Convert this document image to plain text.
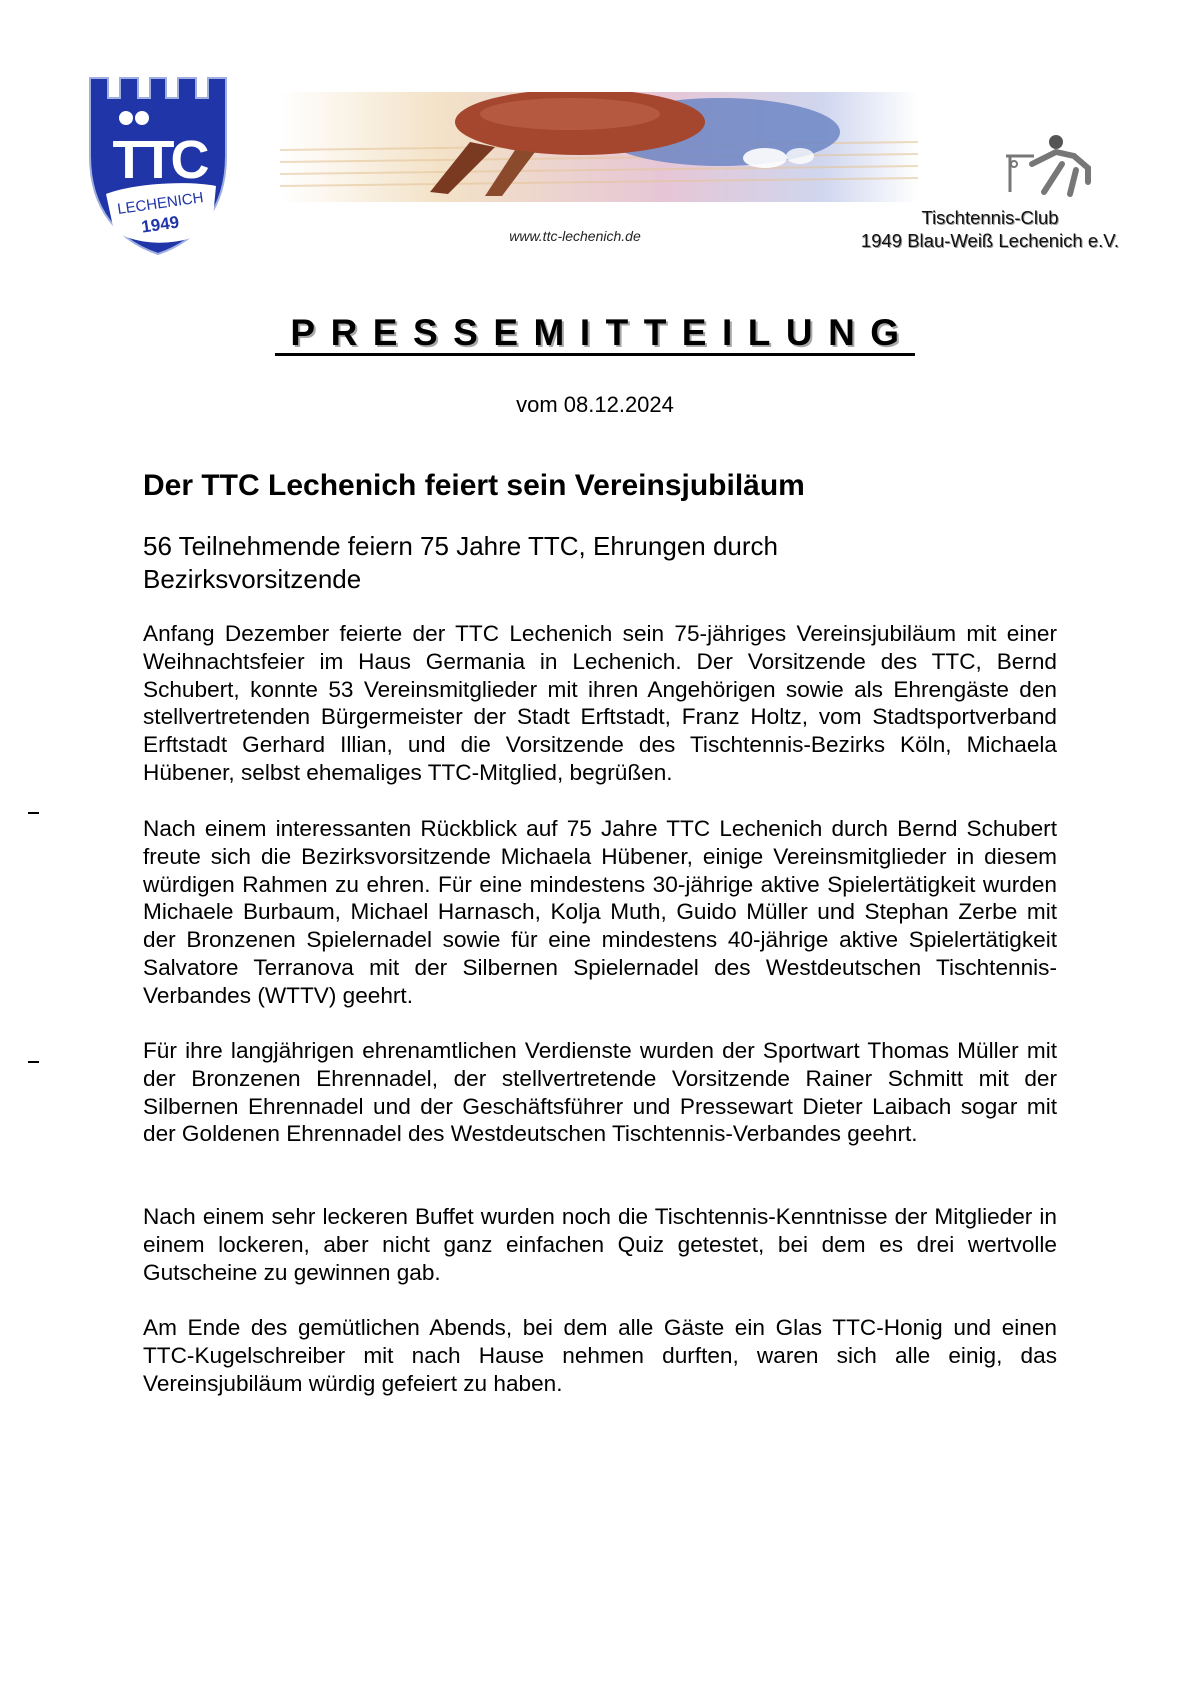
TTC
LECHENICH
1949	www.ttc-lechenich.de
Tischtennis-Club
1949 Blau-Weiß Lechenich e.V.
PRESSEMITTEILUNG
vom 08.12.2024
Der TTC Lechenich feiert sein Vereinsjubiläum
56 Teilnehmende feiern 75 Jahre TTC, Ehrungen durch Bezirksvorsitzende
Anfang Dezember feierte der TTC Lechenich sein 75-jähriges Vereinsjubiläum mit einer Weihnachtsfeier im Haus Germania in Lechenich. Der Vorsitzende des TTC, Bernd Schubert, konnte 53 Vereinsmitglieder mit ihren Angehörigen sowie als Ehrengäste den stellvertretenden Bürgermeister der Stadt Erftstadt, Franz Holtz, vom Stadtsportverband Erftstadt Gerhard Illian, und die Vorsitzende des Tischtennis-Bezirks Köln, Michaela Hübener, selbst ehemaliges TTC-Mitglied, begrüßen.
Nach einem interessanten Rückblick auf 75 Jahre TTC Lechenich durch Bernd Schubert freute sich die Bezirksvorsitzende Michaela Hübener, einige Vereinsmitglieder in diesem würdigen Rahmen zu ehren. Für eine mindestens 30-jährige aktive Spielertätigkeit wurden Michaele Burbaum, Michael Harnasch, Kolja Muth, Guido Müller und Stephan Zerbe mit der Bronzenen Spielernadel sowie für eine mindestens 40-jährige aktive Spielertätigkeit Salvatore Terranova mit der Silbernen Spielernadel des Westdeutschen Tischtennis-Verbandes (WTTV) geehrt.
Für ihre langjährigen ehrenamtlichen Verdienste wurden der Sportwart Thomas Müller mit der Bronzenen Ehrennadel, der stellvertretende Vorsitzende Rainer Schmitt mit der Silbernen Ehrennadel und der Geschäftsführer und Pressewart Dieter Laibach sogar mit der Goldenen Ehrennadel des Westdeutschen Tischtennis-Verbandes geehrt.
Nach einem sehr leckeren Buffet wurden noch die Tischtennis-Kenntnisse der Mitglieder in einem lockeren, aber nicht ganz einfachen Quiz getestet, bei dem es drei wertvolle Gutscheine zu gewinnen gab.
Am Ende des gemütlichen Abends, bei dem alle Gäste ein Glas TTC-Honig und einen TTC-Kugelschreiber mit nach Hause nehmen durften, waren sich alle einig, das Vereinsjubiläum würdig gefeiert zu haben.
